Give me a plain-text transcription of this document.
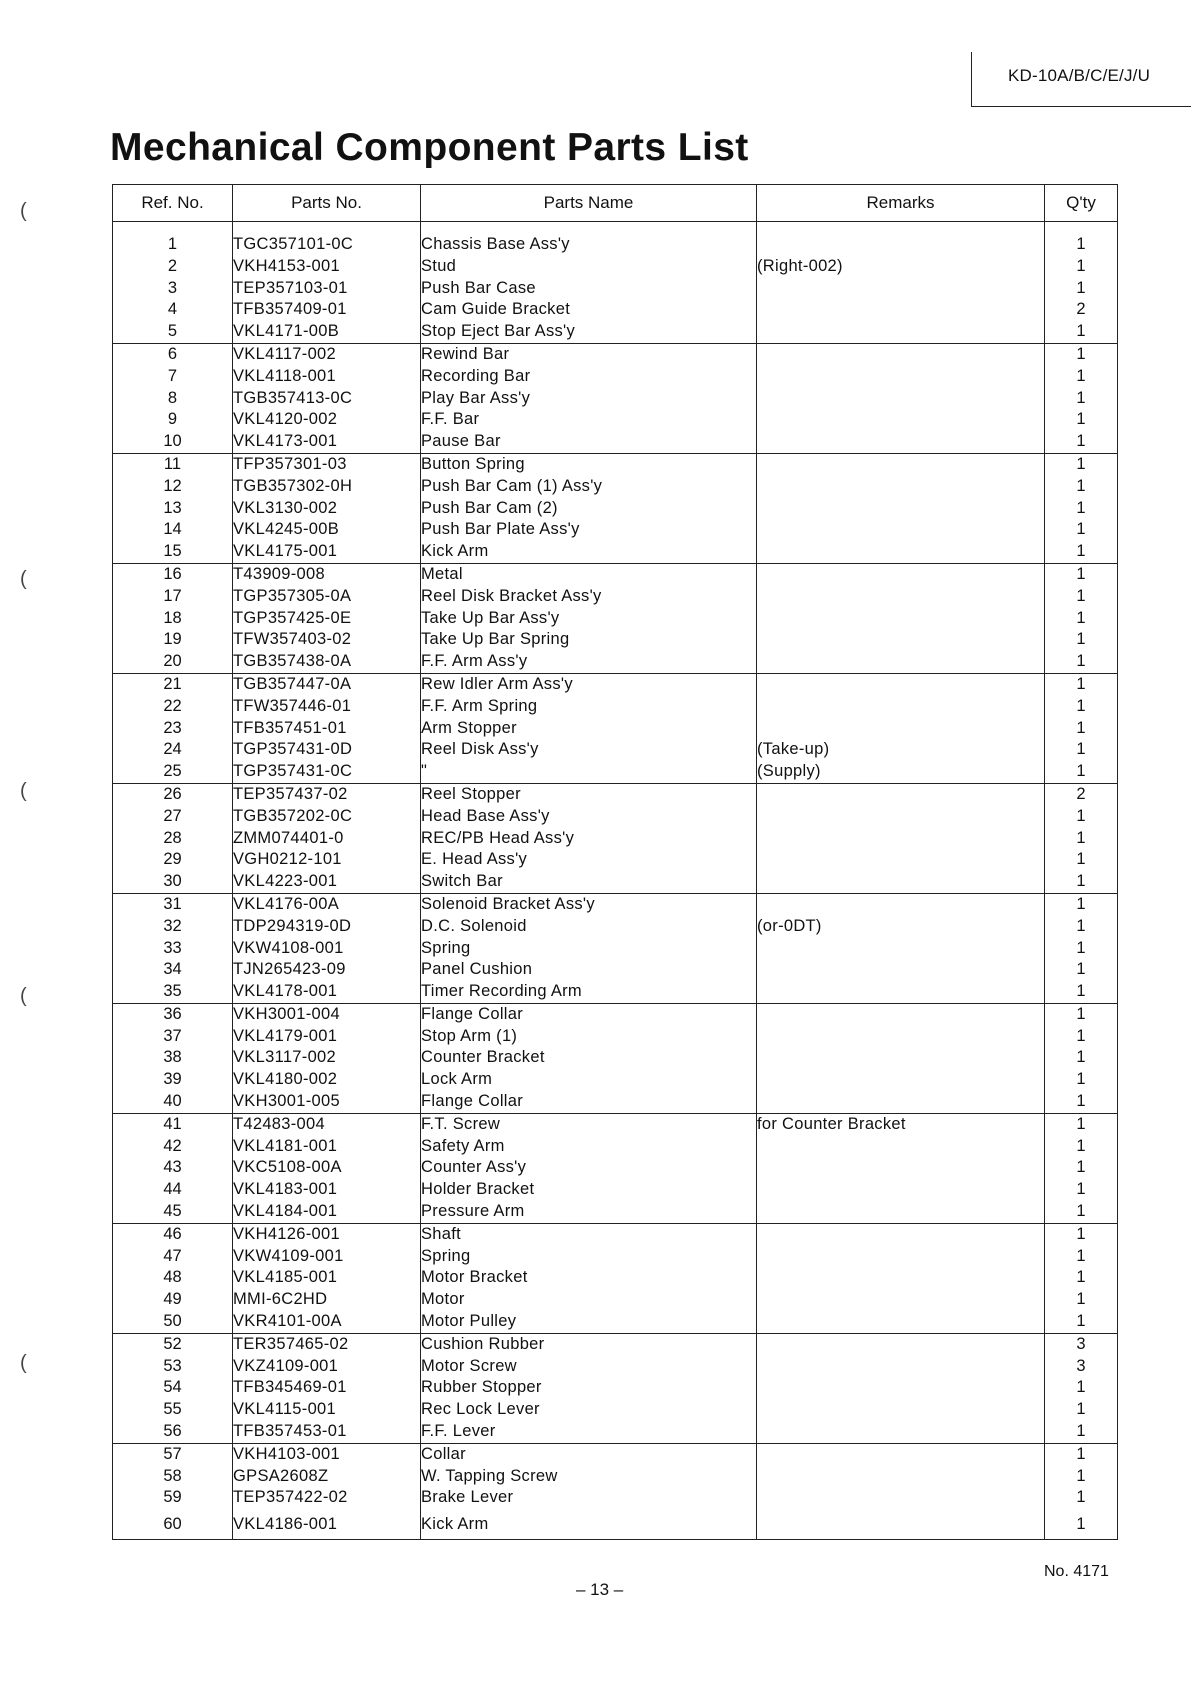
KD-10A/B/C/E/J/U
Mechanical Component Parts List
(
(
(
(
(
Ref. No.	Parts No.	Parts Name	Remarks	Q'ty
1	TGC357101-0C	Chassis Base Ass'y		1
2	VKH4153-001	Stud	(Right-002)	1
3	TEP357103-01	Push Bar Case		1
4	TFB357409-01	Cam Guide Bracket		2
5	VKL4171-00B	Stop Eject Bar Ass'y		1
6	VKL4117-002	Rewind Bar		1
7	VKL4118-001	Recording Bar		1
8	TGB357413-0C	Play Bar Ass'y		1
9	VKL4120-002	F.F. Bar		1
10	VKL4173-001	Pause Bar		1
11	TFP357301-03	Button Spring		1
12	TGB357302-0H	Push Bar Cam (1) Ass'y		1
13	VKL3130-002	Push Bar Cam (2)		1
14	VKL4245-00B	Push Bar Plate Ass'y		1
15	VKL4175-001	Kick Arm		1
16	T43909-008	Metal		1
17	TGP357305-0A	Reel Disk Bracket Ass'y		1
18	TGP357425-0E	Take Up Bar Ass'y		1
19	TFW357403-02	Take Up Bar Spring		1
20	TGB357438-0A	F.F. Arm Ass'y		1
21	TGB357447-0A	Rew Idler Arm Ass'y		1
22	TFW357446-01	F.F. Arm Spring		1
23	TFB357451-01	Arm Stopper		1
24	TGP357431-0D	Reel Disk Ass'y	(Take-up)	1
25	TGP357431-0C	"	(Supply)	1
26	TEP357437-02	Reel Stopper		2
27	TGB357202-0C	Head Base Ass'y		1
28	ZMM074401-0	REC/PB Head Ass'y		1
29	VGH0212-101	E. Head Ass'y		1
30	VKL4223-001	Switch Bar		1
31	VKL4176-00A	Solenoid Bracket Ass'y		1
32	TDP294319-0D	D.C. Solenoid	(or-0DT)	1
33	VKW4108-001	Spring		1
34	TJN265423-09	Panel Cushion		1
35	VKL4178-001	Timer Recording Arm		1
36	VKH3001-004	Flange Collar		1
37	VKL4179-001	Stop Arm (1)		1
38	VKL3117-002	Counter Bracket		1
39	VKL4180-002	Lock Arm		1
40	VKH3001-005	Flange Collar		1
41	T42483-004	F.T. Screw	for Counter Bracket	1
42	VKL4181-001	Safety Arm		1
43	VKC5108-00A	Counter Ass'y		1
44	VKL4183-001	Holder Bracket		1
45	VKL4184-001	Pressure Arm		1
46	VKH4126-001	Shaft		1
47	VKW4109-001	Spring		1
48	VKL4185-001	Motor Bracket		1
49	MMI-6C2HD	Motor		1
50	VKR4101-00A	Motor Pulley		1
52	TER357465-02	Cushion Rubber		3
53	VKZ4109-001	Motor Screw		3
54	TFB345469-01	Rubber Stopper		1
55	VKL4115-001	Rec Lock Lever		1
56	TFB357453-01	F.F. Lever		1
57	VKH4103-001	Collar		1
58	GPSA2608Z	W. Tapping Screw		1
59	TEP357422-02	Brake Lever		1
60	VKL4186-001	Kick Arm		1
No. 4171
– 13 –
